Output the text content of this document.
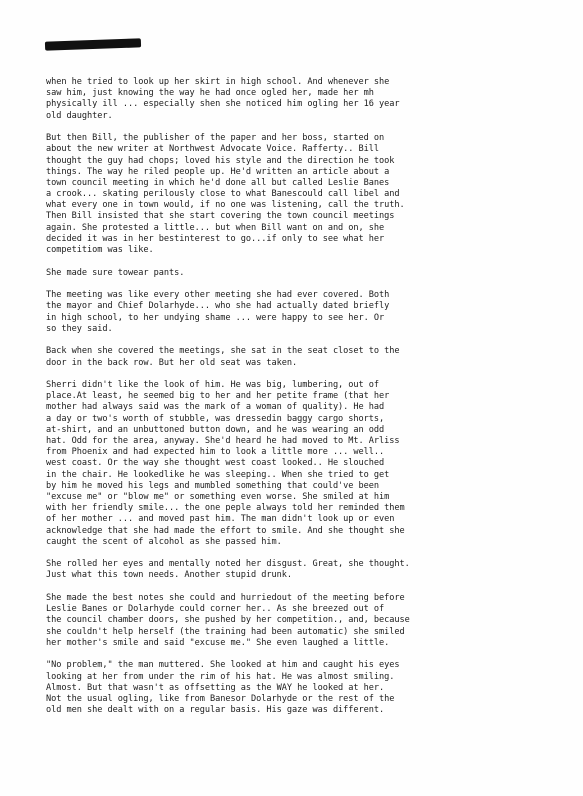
when he tried to look up her skirt in high school. And whenever she
saw him, just knowing the way he had once ogled her, made her mh
physically ill ... especially shen she noticed him ogling her 16 year
old daughter.
But then Bill, the publisher of the paper and her boss, started on
about the new writer at Northwest Advocate Voice. Rafferty.. Bill
thought the guy had chops; loved his style and the direction he took
things. The way he riled people up. He'd written an article about a
town council meeting in which he'd done all but called Leslie Banes
a crook... skating perilously close to what Banescould call libel and
what every one in town would, if no one was listening, call the truth.
Then Bill insisted that she start covering the town council meetings
again. She protested a little... but when Bill want on and on, she
decided it was in her bestinterest to go...if only to see what her
competitiom was like.
She made sure towear pants.
The meeting was like every other meeting she had ever covered. Both
the mayor and Chief Dolarhyde... who she had actually dated briefly
in high school, to her undying shame ... were happy to see her. Or
so they said.
Back when she covered the meetings, she sat in the seat closet to the
door in the back row. But her old seat was taken.
Sherri didn't like the look of him. He was big, lumbering, out of
place.At least, he seemed big to her and her petite frame (that her
mother had always said was the mark of a woman of quality). He had
a day or two's worth of stubble, was dressedin baggy cargo shorts,
at-shirt, and an unbuttoned button down, and he was wearing an odd
hat. Odd for the area, anyway. She'd heard he had moved to Mt. Arliss
from Phoenix and had expected him to look a little more ... well..
west coast. Or the way she thought west coast looked.. He slouched
in the chair. He lookedlike he was sleeping.. When she tried to get
by him he moved his legs and mumbled something that could've been
"excuse me" or "blow me" or something even worse. She smiled at him
with her friendly smile... the one peple always told her reminded them
of her mother ... and moved past him. The man didn't look up or even
acknowledge that she had made the effort to smile. And she thought she
caught the scent of alcohol as she passed him.
She rolled her eyes and mentally noted her disgust. Great, she thought.
Just what this town needs. Another stupid drunk.
She made the best notes she could and hurriedout of the meeting before
Leslie Banes or Dolarhyde could corner her.. As she breezed out of
the council chamber doors, she pushed by her competition., and, because
she couldn't help herself (the training had been automatic) she smiled
her mother's smile and said "excuse me." She even laughed a little.
"No problem," the man muttered. She looked at him and caught his eyes
looking at her from under the rim of his hat. He was almost smiling.
Almost. But that wasn't as offsetting as the WAY he looked at her.
Not the usual ogling, like from Banesor Dolarhyde or the rest of the
old men she dealt with on a regular basis. His gaze was different.
